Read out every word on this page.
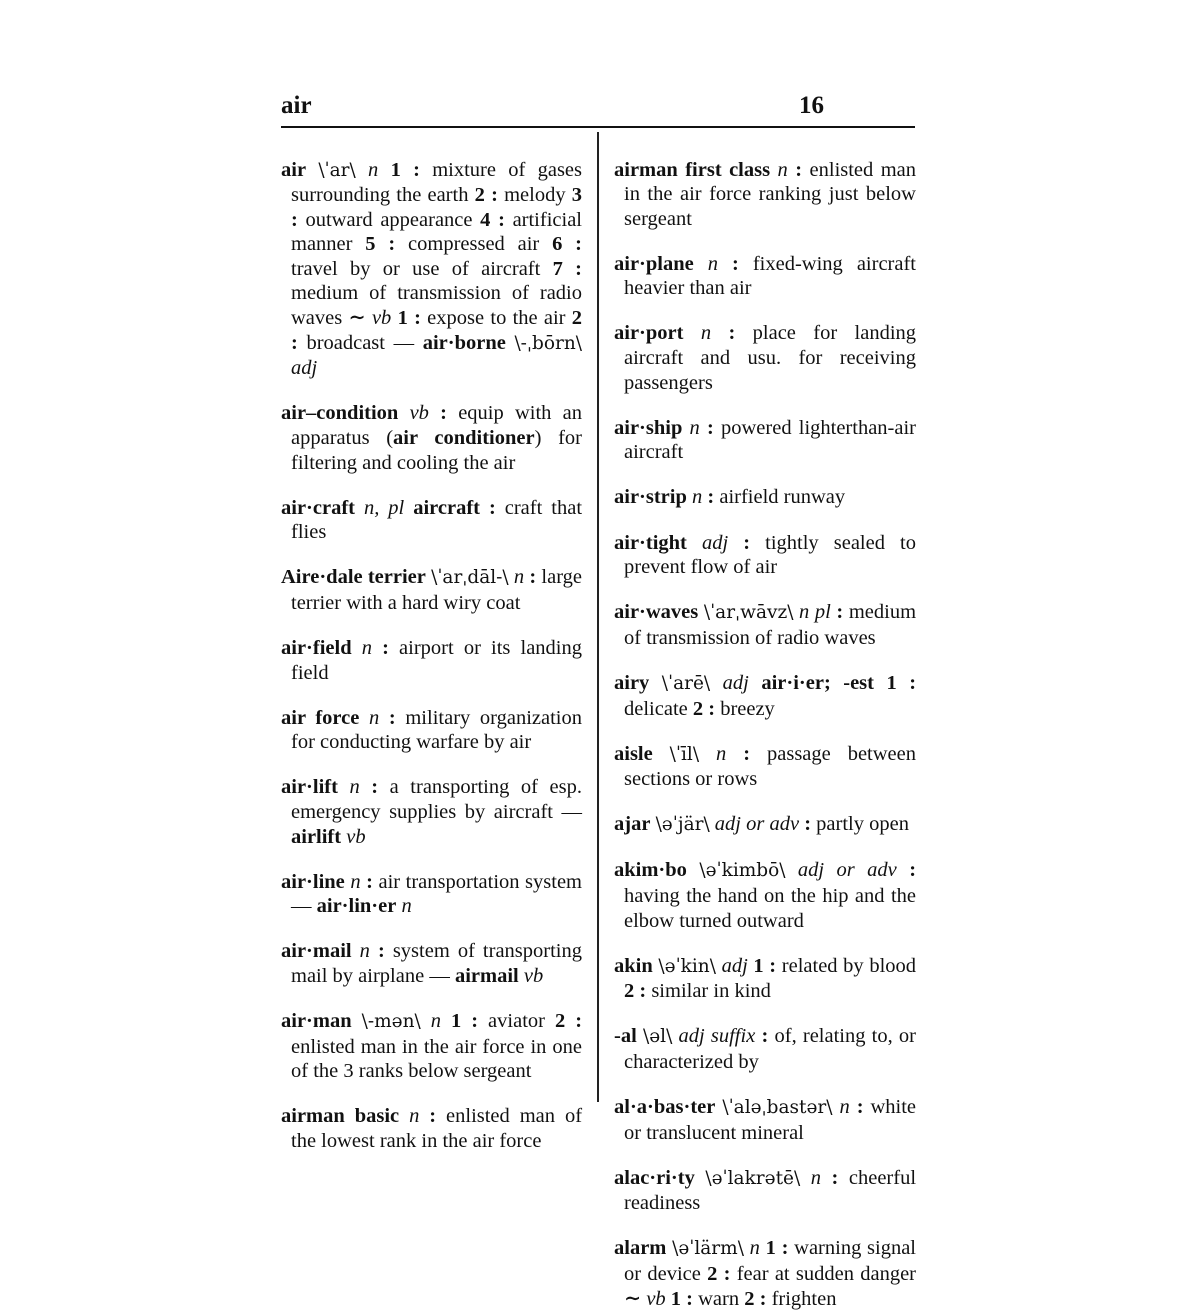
air	16

air \ˈar\ n 1 : mixture of gases surrounding the earth 2 : melody 3 : outward appearance 4 : artificial manner 5 : compressed air 6 : travel by or use of aircraft 7 : medium of transmission of radio waves ∼ vb 1 : expose to the air 2 : broadcast — air·borne \-ˌbōrn\ adj

air–condition vb : equip with an apparatus (air conditioner) for filtering and cooling the air

air·craft n, pl aircraft : craft that flies

Aire·dale terrier \ˈarˌdāl-\ n : large terrier with a hard wiry coat

air·field n : airport or its landing field

air force n : military organization for conducting warfare by air

air·lift n : a transporting of esp. emergency supplies by aircraft — airlift vb

air·line n : air transportation system — air·lin·er n

air·mail n : system of transporting mail by airplane — airmail vb

air·man \-mən\ n 1 : aviator 2 : enlisted man in the air force in one of the 3 ranks below sergeant

airman basic n : enlisted man of the lowest rank in the air force

airman first class n : enlisted man in the air force ranking just below sergeant

air·plane n : fixed-wing aircraft heavier than air

air·port n : place for landing aircraft and usu. for receiving passengers

air·ship n : powered lighterthan-air aircraft

air·strip n : airfield runway

air·tight adj : tightly sealed to prevent flow of air

air·waves \ˈarˌwāvz\ n pl : medium of transmission of radio waves

airy \ˈarē\ adj air·i·er; -est 1 : delicate 2 : breezy

aisle \ˈīl\ n : passage between sections or rows

ajar \əˈjär\ adj or adv : partly open

akim·bo \əˈkimbō\ adj or adv : having the hand on the hip and the elbow turned outward

akin \əˈkin\ adj 1 : related by blood 2 : similar in kind

-al \əl\ adj suffix : of, relating to, or characterized by

al·a·bas·ter \ˈaləˌbastər\ n : white or translucent mineral

alac·ri·ty \əˈlakrətē\ n : cheerful readiness

alarm \əˈlärm\ n 1 : warning signal or device 2 : fear at sudden danger ∼ vb 1 : warn 2 : frighten
